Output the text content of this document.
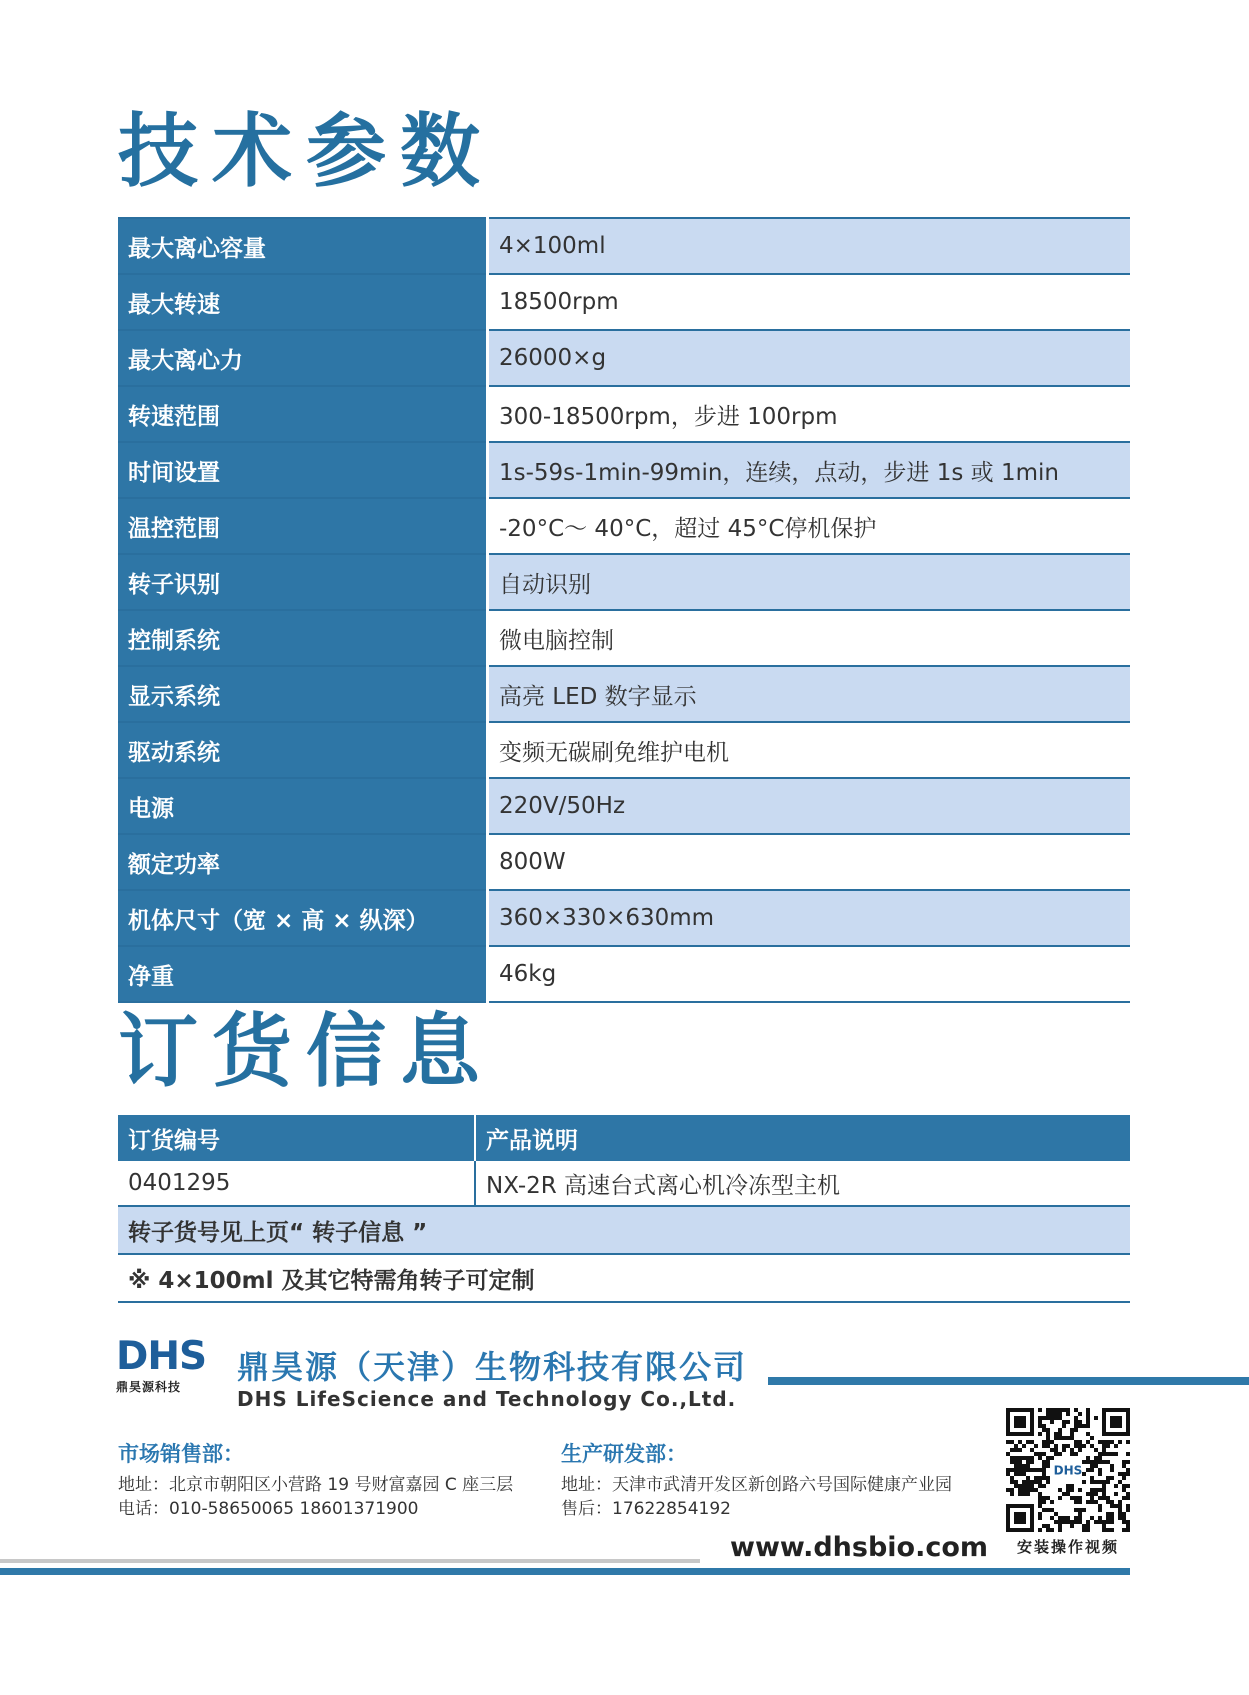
技术参数
最大离心容量	4×100ml
最大转速	18500rpm
最大离心力	26000×g
转速范围	300-18500rpm，步进 100rpm
时间设置	1s-59s-1min-99min，连续，点动，步进 1s 或 1min
温控范围	-20°C～ 40°C，超过 45°C停机保护
转子识别	自动识别
控制系统	微电脑控制
显示系统	高亮 LED 数字显示
驱动系统	变频无碳刷免维护电机
电源	220V/50Hz
额定功率	800W
机体尺寸（宽 × 高 × 纵深）	360×330×630mm
净重	46kg
订货信息
订货编号	产品说明
0401295	NX-2R 高速台式离心机冷冻型主机
转子货号见上页“ 转子信息 ”	
※ 4×100ml 及其它特需角转子可定制	
DHS
鼎昊源科技
鼎昊源（天津）生物科技有限公司
DHS LifeScience and Technology Co.,Ltd.
市场销售部：
地址：北京市朝阳区小营路 19 号财富嘉园 C 座三层
电话：010-58650065 18601371900
生产研发部：
地址：天津市武清开发区新创路六号国际健康产业园
售后：17622854192
DHS
安装操作视频
www.dhsbio.com
